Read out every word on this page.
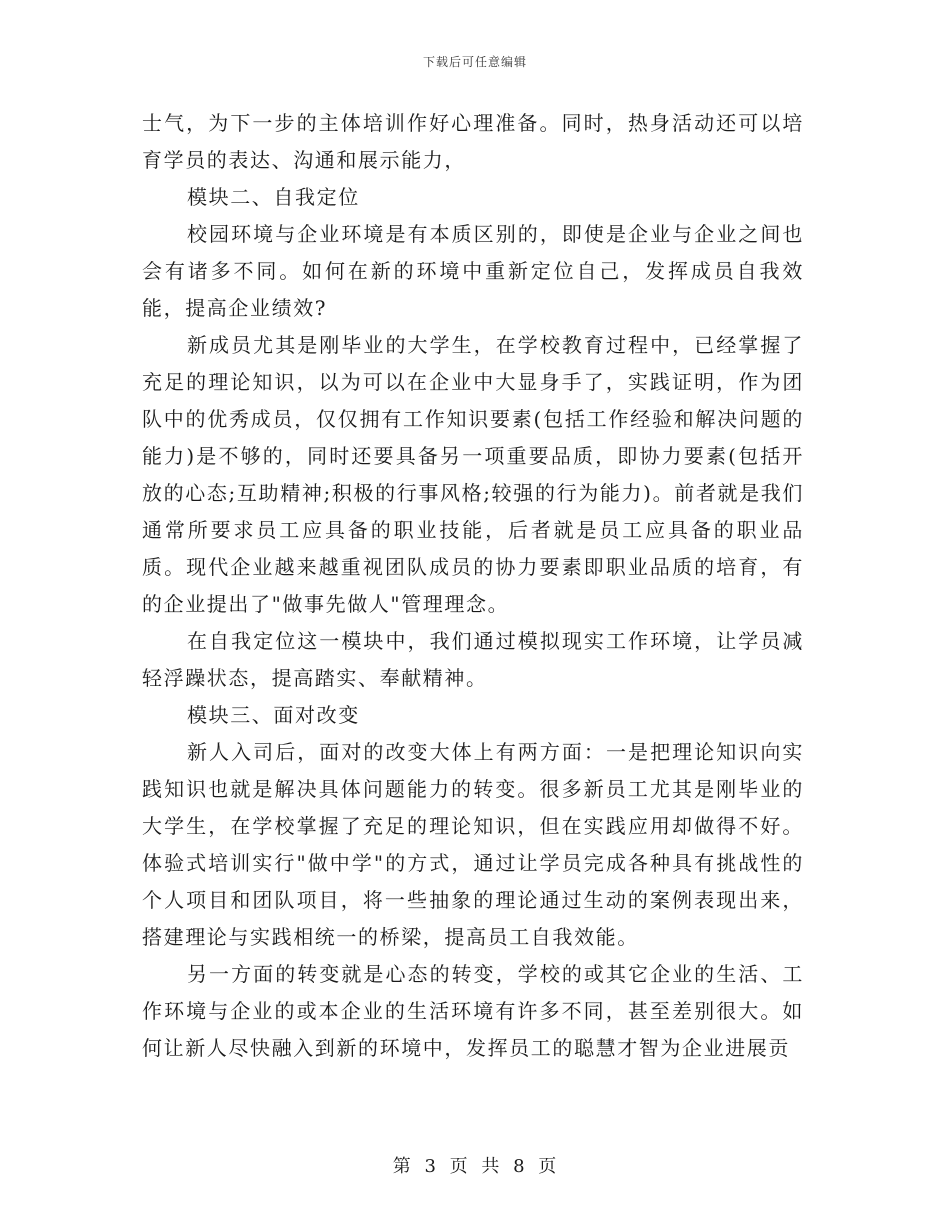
下载后可任意编辑

士气，为下一步的主体培训作好心理准备。同时，热身活动还可以培育学员的表达、沟通和展示能力，

模块二、自我定位

校园环境与企业环境是有本质区别的，即使是企业与企业之间也会有诸多不同。如何在新的环境中重新定位自己，发挥成员自我效能，提高企业绩效?

新成员尤其是刚毕业的大学生，在学校教育过程中，已经掌握了充足的理论知识，以为可以在企业中大显身手了，实践证明，作为团队中的优秀成员，仅仅拥有工作知识要素(包括工作经验和解决问题的能力)是不够的，同时还要具备另一项重要品质，即协力要素(包括开放的心态;互助精神;积极的行事风格;较强的行为能力)。前者就是我们通常所要求员工应具备的职业技能，后者就是员工应具备的职业品质。现代企业越来越重视团队成员的协力要素即职业品质的培育，有的企业提出了"做事先做人"管理理念。

在自我定位这一模块中，我们通过模拟现实工作环境，让学员减轻浮躁状态，提高踏实、奉献精神。

模块三、面对改变

新人入司后，面对的改变大体上有两方面：一是把理论知识向实践知识也就是解决具体问题能力的转变。很多新员工尤其是刚毕业的大学生，在学校掌握了充足的理论知识，但在实践应用却做得不好。体验式培训实行"做中学"的方式，通过让学员完成各种具有挑战性的个人项目和团队项目，将一些抽象的理论通过生动的案例表现出来，搭建理论与实践相统一的桥梁，提高员工自我效能。

另一方面的转变就是心态的转变，学校的或其它企业的生活、工作环境与企业的或本企业的生活环境有许多不同，甚至差别很大。如何让新人尽快融入到新的环境中，发挥员工的聪慧才智为企业进展贡

第 3 页 共 8 页
